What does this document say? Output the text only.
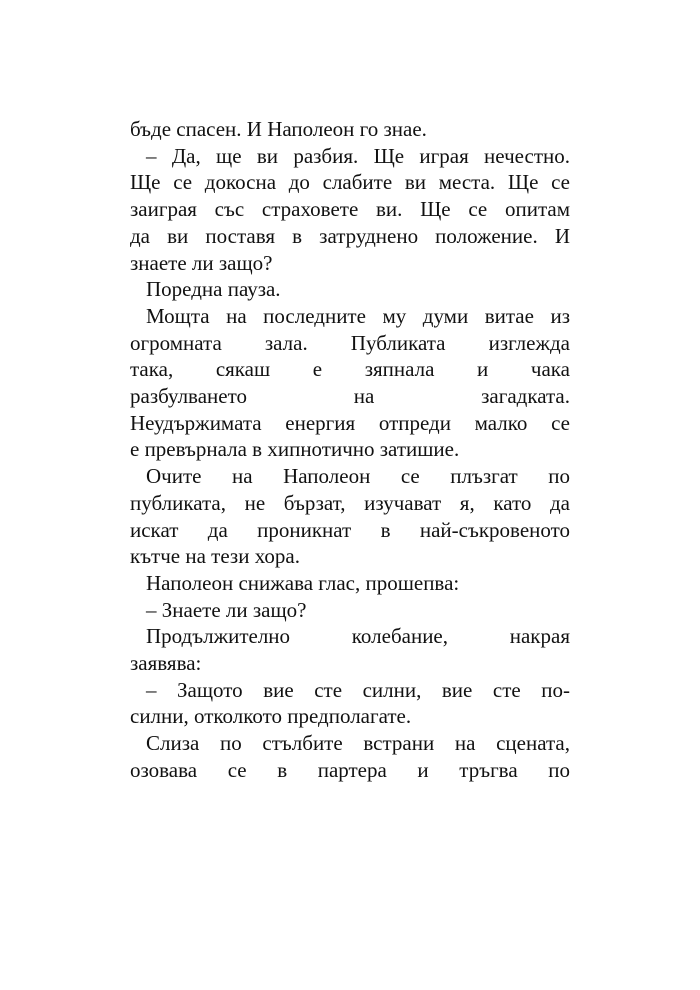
бъде спасен. И Наполеон го знае.
– Да, ще ви разбия. Ще играя нечестно.
Ще се докосна до слабите ви места. Ще се
заиграя със страховете ви. Ще се опитам
да ви поставя в затруднено положение. И
знаете ли защо?
Поредна пауза.
Мощта на последните му думи витае из
огромната зала. Публиката изглежда
така, сякаш е зяпнала и чака
разбулването на загадката.
Неудържимата енергия отпреди малко се
е превърнала в хипнотично затишие.
Очите на Наполеон се плъзгат по
публиката, не бързат, изучават я, като да
искат да проникнат в най-съкровеното
кътче на тези хора.
Наполеон снижава глас, прошепва:
– Знаете ли защо?
Продължително колебание, накрая
заявява:
– Защото вие сте силни, вие сте по-
силни, отколкото предполагате.
Слиза по стълбите встрани на сцената,
озовава се в партера и тръгва по
